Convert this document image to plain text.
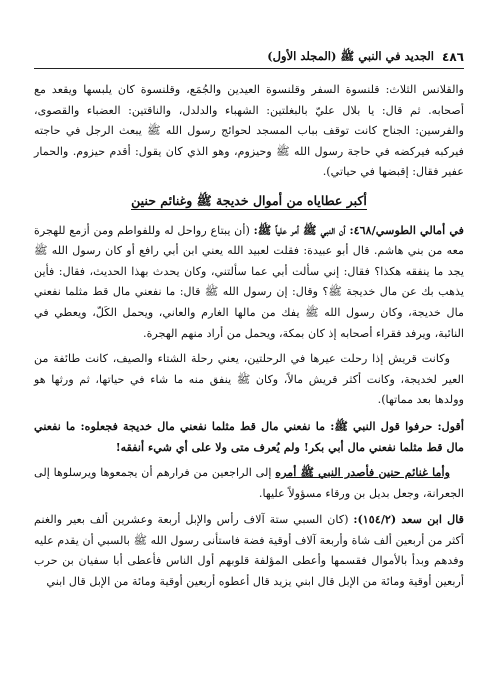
٤٨٦
الجديد في النبي ﷺ (المجلد الأول)

والقلانس الثلاث: قلنسوة السفر وقلنسوة العيدين والجُمَع، وقلنسوة كان يلبسها ويقعد مع أصحابه. ثم قال: يا بلال عليّ بالبغلتين: الشهباء والدلدل، والناقتين: العضباء والقصوى، والفرسين: الجناح كانت توقف بباب المسجد لحوائج رسول الله ﷺ يبعث الرجل في حاجته فيركبه فيركضه في حاجة رسول الله ﷺ وحيزوم، وهو الذي كان يقول: أقدم حيزوم. والحمار عفير فقال: إقبضها في حياتي).

أكبر عطاياه من أموال خديجة ﷺ وغنائم حنين

في أمالي الطوسي/٤٦٨: أن النبي ﷺ أمر علياً ﷺ: (أن يبتاع رواحل له وللفواطم ومن أزمع للهجرة معه من بني هاشم. قال أبو عبيدة: فقلت لعبيد الله يعني ابن أبي رافع أو كان رسول الله ﷺ يجد ما ينفقه هكذا؟ فقال: إني سألت أبي عما سألتني، وكان يحدث بهذا الحديث، فقال: فأين يذهب بك عن مال خديجة ﷺ؟ وقال: إن رسول الله ﷺ قال: ما نفعني مال قط مثلما نفعني مال خديجة، وكان رسول الله ﷺ يفك من مالها الغارم والعاني، ويحمل الكَلّ، ويعطي في النائبة، ويرفد فقراء أصحابه إذ كان بمكة، ويحمل من أراد منهم الهجرة.

وكانت قريش إذا رحلت عيرها في الرحلتين، يعني رحلة الشتاء والصيف، كانت طائفة من العير لخديجة، وكانت أكثر قريش مالاً، وكان ﷺ ينفق منه ما شاء في حياتها، ثم ورثها هو وولدها بعد مماتها).

أقول: حرفوا قول النبي ﷺ: ما نفعني مال قط مثلما نفعني مال خديجة فجعلوه: ما نفعني مال قط مثلما نفعني مال أبي بكر! ولم يُعرف متى ولا على أي شيء أنفقه!

وأما غنائم حنين فأصدر النبي ﷺ أمره إلى الراجعين من فرارهم أن يجمعوها ويرسلوها إلى الجعرانة، وجعل بديل بن ورقاء مسؤولاً عليها.

قال ابن سعد (١٥٤/٢): (كان السبي ستة آلاف رأس والإبل أربعة وعشرين ألف بعير والغنم أكثر من أربعين ألف شاة وأربعة آلاف أوقية فضة فاستأنى رسول الله ﷺ بالسبي أن يقدم عليه وفدهم وبدأ بالأموال فقسمها وأعطى المؤلفة قلوبهم أول الناس فأعطى أبا سفيان بن حرب أربعين أوقية ومائة من الإبل قال ابني يزيد قال أعطوه أربعين أوقية ومائة من الإبل قال ابني
